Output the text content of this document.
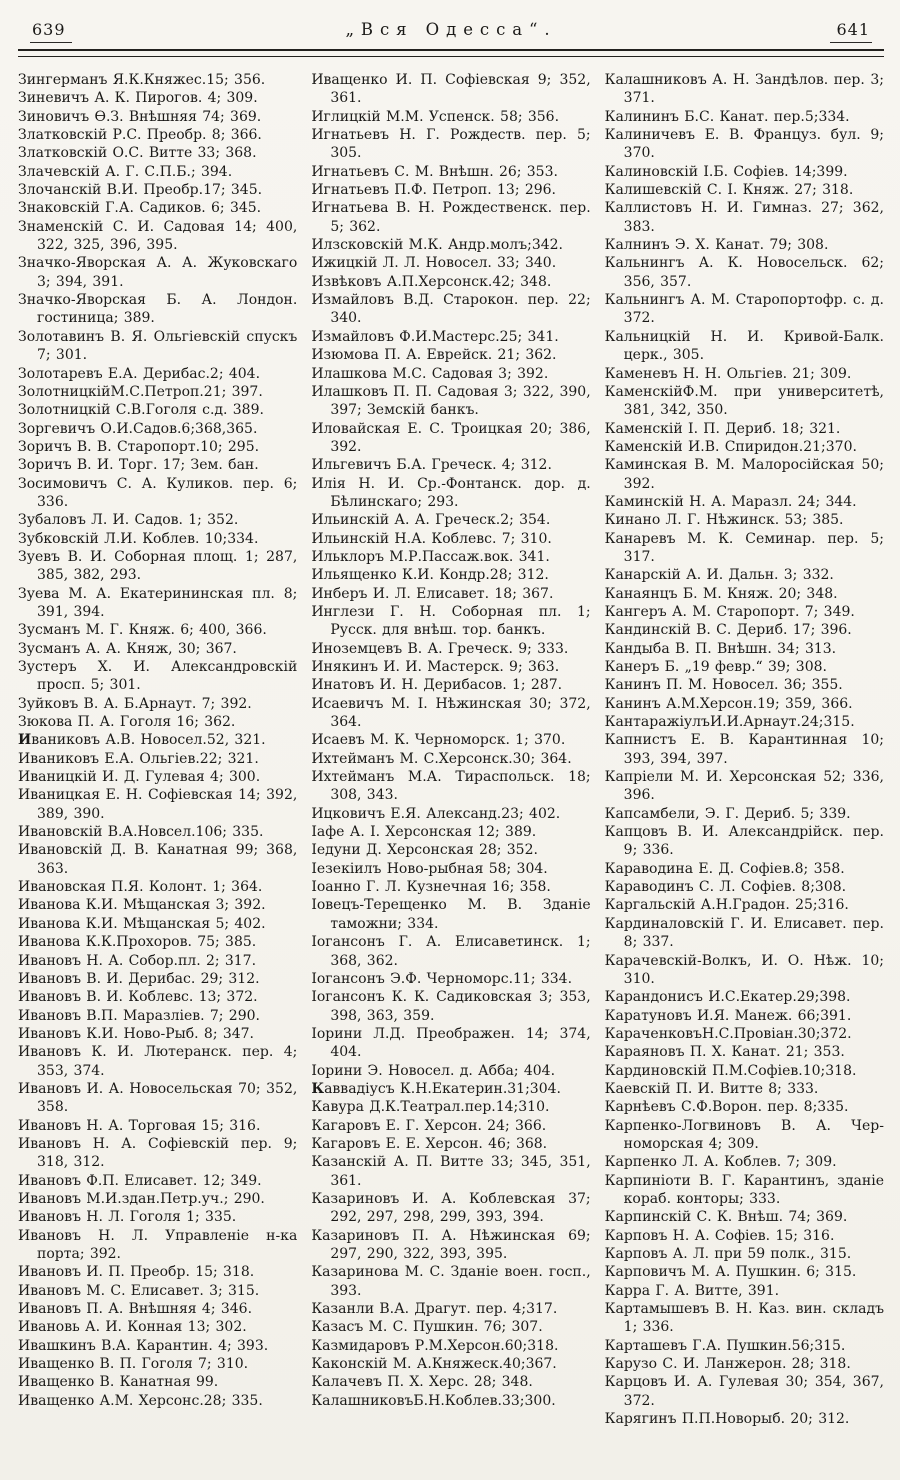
639	„Вся Одесса“.	641

Зингерманъ Я.К.Княжес.15; 356.

Зиневичъ А. К. Пирогов. 4; 309.

Зиновичъ Ѳ.З. Внѣшняя 74; 369.

Златковскій Р.С. Преобр. 8; 366.

Златковскій О.С. Витте 33; 368.

Злачевскій А. Г. С.П.Б.; 394.

Злочанскій В.И. Преобр.17; 345.

Знаковскій Г.А. Садиков. 6; 345.

Знаменскій С. И. Садовая 14; 400, 322, 325, 396, 395.

Значко-Яворская А. А. Жуковскаго 3; 394, 391.

Значко-Яворская Б. А. Лондон. гостиница; 389.

Золотавинъ В. Я. Ольгіевскій спускъ 7; 301.

Золотаревъ Е.А. Дерибас.2; 404.

ЗолотницкійМ.С.Петроп.21; 397.

Золотницкій С.В.Гоголя с.д. 389.

Зоргевичъ О.И.Садов.6;368,365.

Зоричъ В. В. Старопорт.10; 295.

Зоричъ В. И. Торг. 17; Зем. бан.

Зосимовичъ С. А. Куликов. пер. 6; 336.

Зубаловъ Л. И. Садов. 1; 352.

Зубковскій Л.И. Коблев. 10;334.

Зуевъ В. И. Соборная площ. 1; 287, 385, 382, 293.

Зуева М. А. Екатерининская пл. 8; 391, 394.

Зусманъ М. Г. Княж. 6; 400, 366.

Зусманъ А. А. Княж, 30; 367.

Зустеръ Х. И. Александровскій просп. 5; 301.

Зуйковъ В. А. Б.Арнаут. 7; 392.

Зюкова П. А. Гоголя 16; 362.

Иваниковъ А.В. Новосел.52, 321.

Иваниковъ Е.А. Ольгіев.22; 321.

Иваницкій И. Д. Гулевая 4; 300.

Иваницкая Е. Н. Софіевская 14; 392, 389, 390.

Ивановскій В.А.Новсел.106; 335.

Ивановскій Д. В. Канатная 99; 368, 363.

Ивановская П.Я. Колонт. 1; 364.

Иванова К.И. Мѣщанская 3; 392.

Иванова К.И. Мѣщанская 5; 402.

Иванова К.К.Прохоров. 75; 385.

Ивановъ Н. А. Собор.пл. 2; 317.

Ивановъ В. И. Дерибас. 29; 312.

Ивановъ В. И. Коблевс. 13; 372.

Ивановъ В.П. Маразліев. 7; 290.

Ивановъ К.И. Ново-Рыб. 8; 347.

Ивановъ К. И. Лютеранск. пер. 4; 353, 374.

Ивановъ И. А. Новосельская 70; 352, 358.

Ивановъ Н. А. Торговая 15; 316.

Ивановъ Н. А. Софіевскій пер. 9; 318, 312.

Ивановъ Ф.П. Елисавет. 12; 349.

Ивановъ М.И.здан.Петр.уч.; 290.

Ивановъ Н. Л. Гоголя 1; 335.

Ивановъ Н. Л. Управленіе н-ка порта; 392.

Ивановъ И. П. Преобр. 15; 318.

Ивановъ М. С. Елисавет. 3; 315.

Ивановъ П. А. Внѣшняя 4; 346.

Ивановь А. И. Конная 13; 302.

Ивашкинъ В.А. Карантин. 4; 393.

Иващенко В. П. Гоголя 7; 310.

Иващенко В. Канатная 99.

Иващенко А.М. Херсонс.28; 335.

Иващенко И. П. Софіевская 9; 352, 361.

Иглицкій М.М. Успенск. 58; 356.

Игнатьевъ Н. Г. Рождеств. пер. 5; 305.

Игнатьевъ С. М. Внѣшн. 26; 353.

Игнатьевъ П.Ф. Петроп. 13; 296.

Игнатьева В. Н. Рождественск. пер. 5; 362.

Илзсковскій М.К. Андр.молъ;342.

Ижицкій Л. Л. Новосел. 33; 340.

Извѣковъ А.П.Херсонск.42; 348.

Измайловъ В.Д. Старокон. пер. 22; 340.

Измайловъ Ф.И.Мастерс.25; 341.

Изюмова П. А. Еврейск. 21; 362.

Илашкова М.С. Садовая 3; 392.

Илашковъ П. П. Садовая 3; 322, 390, 397; Земскій банкъ.

Иловайская Е. С. Троицкая 20; 386, 392.

Ильгевичъ Б.А. Греческ. 4; 312.

Илія Н. И. Ср.-Фонтанск. дор. д. Бѣлинскаго; 293.

Ильинскій А. А. Греческ.2; 354.

Ильинскій Н.А. Коблевс. 7; 310.

Ильклоръ М.Р.Пассаж.вок. 341.

Ильященко К.И. Кондр.28; 312.

Инберъ И. Л. Елисавет. 18; 367.

Инглези Г. Н. Соборная пл. 1; Русск. для внѣш. тор. банкъ.

Иноземцевъ В. А. Греческ. 9; 333.

Инякинъ И. И. Мастерск. 9; 363.

Инатовъ И. Н. Дерибасов. 1; 287.

Исаевичъ М. І. Нѣжинская 30; 372, 364.

Исаевъ М. К. Черноморск. 1; 370.

Ихтейманъ М. С.Херсонск.30; 364.

Ихтейманъ М.А. Тираспольск. 18; 308, 343.

Ицковичъ Е.Я. Александ.23; 402.

Іафе А. І. Херсонская 12; 389.

Іедуни Д. Херсонская 28; 352.

Іезекіилъ Ново-рыбная 58; 304.

Іоанно Г. Л. Кузнечная 16; 358.

Іовецъ-Терещенко М. В. Зданіе таможни; 334.

Іогансонъ Г. А. Елисаветинск. 1; 368, 362.

Іогансонъ Э.Ф. Черноморс.11; 334.

Іогансонъ К. К. Садиковская 3; 353, 398, 363, 359.

Іорини Л.Д. Преображен. 14; 374, 404.

Іорини Э. Новосел. д. Абба; 404.

Каввадіусъ К.Н.Екатерин.31;304.

Кавура Д.К.Театрал.пер.14;310.

Кагаровъ Е. Г. Херсон. 24; 366.

Кагаровъ Е. Е. Херсон. 46; 368.

Казанскій А. П. Витте 33; 345, 351, 361.

Казариновъ И. А. Коблевская 37; 292, 297, 298, 299, 393, 394.

Казариновъ П. А. Нѣжинская 69; 297, 290, 322, 393, 395.

Казаринова М. С. Зданіе воен. госп., 393.

Казанли В.А. Драгут. пер. 4;317.

Казасъ М. С. Пушкин. 76; 307.

Казмидаровъ Р.М.Херсон.60;318.

Каконскій М. А.Княжеск.40;367.

Калачевъ П. Х. Херс. 28; 348.

КалашниковъБ.Н.Коблев.33;300.

Калашниковъ А. Н. Зандѣлов. пер. 3; 371.

Калининъ Б.С. Канат. пер.5;334.

Калиничевъ Е. В. Француз. бул. 9; 370.

Калиновскій І.Б. Софіев. 14;399.

Калишевскій С. І. Княж. 27; 318.

Каллистовъ Н. И. Гимназ. 27; 362, 383.

Калнинъ Э. Х. Канат. 79; 308.

Кальнингъ А. К. Новосельск. 62; 356, 357.

Кальнингъ А. М. Старопортофр. с. д. 372.

Кальницкій Н. И. Кривой-Балк. церк., 305.

Каменевъ Н. Н. Ольгіев. 21; 309.

КаменскійФ.М. при университетѣ, 381, 342, 350.

Каменскій І. П. Дериб. 18; 321.

Каменскій И.В. Спиридон.21;370.

Каминская В. М. Малоросійская 50; 392.

Каминскій Н. А. Маразл. 24; 344.

Кинано Л. Г. Нѣжинск. 53; 385.

Канаревъ М. К. Семинар. пер. 5; 317.

Канарскій А. И. Дальн. 3; 332.

Канаянцъ Б. М. Княж. 20; 348.

Кангеръ А. М. Старопорт. 7; 349.

Кандинскій В. С. Дериб. 17; 396.

Кандыба В. П. Внѣшн. 34; 313.

Канеръ Б. „19 февр.“ 39; 308.

Канинъ П. М. Новосел. 36; 355.

Канинъ А.М.Херсон.19; 359, 366.

КантаражіулъИ.И.Арнаут.24;315.

Капнистъ Е. В. Карантинная 10; 393, 394, 397.

Капріели М. И. Херсонская 52; 336, 396.

Капсамбели, Э. Г. Дериб. 5; 339.

Капцовъ В. И. Александрійск. пер. 9; 336.

Караводина Е. Д. Софіев.8; 358.

Караводинъ С. Л. Софіев. 8;308.

Каргальскій А.Н.Градон. 25;316.

Кардиналовскій Г. И. Елисавет. пер. 8; 337.

Карачевскій-Волкъ, И. О. Нѣж. 10; 310.

Карандонисъ И.С.Екатер.29;398.

Каратуновъ И.Я. Манеж. 66;391.

КараченковъН.С.Провіан.30;372.

Караяновъ П. Х. Канат. 21; 353.

Кардиновскій П.М.Софіев.10;318.

Каевскій П. И. Витте 8; 333.

Карнѣевъ С.Ф.Ворон. пер. 8;335.

Карпенко-Логвиновъ В. А. Черноморская 4; 309.

Карпенко Л. А. Коблев. 7; 309.

Карпиніоти В. Г. Карантинъ, зданіе кораб. конторы; 333.

Карпинскій С. К. Внѣш. 74; 369.

Карповъ Н. А. Софіев. 15; 316.

Карповъ А. Л. при 59 полк., 315.

Карповичъ М. А. Пушкин. 6; 315.

Карра Г. А. Витте, 391.

Картамышевъ В. Н. Каз. вин. складъ 1; 336.

Карташевъ Г.А. Пушкин.56;315.

Карузо С. И. Ланжерон. 28; 318.

Карцовъ И. А. Гулевая 30; 354, 367, 372.

Карягинъ П.П.Новорыб. 20; 312.
